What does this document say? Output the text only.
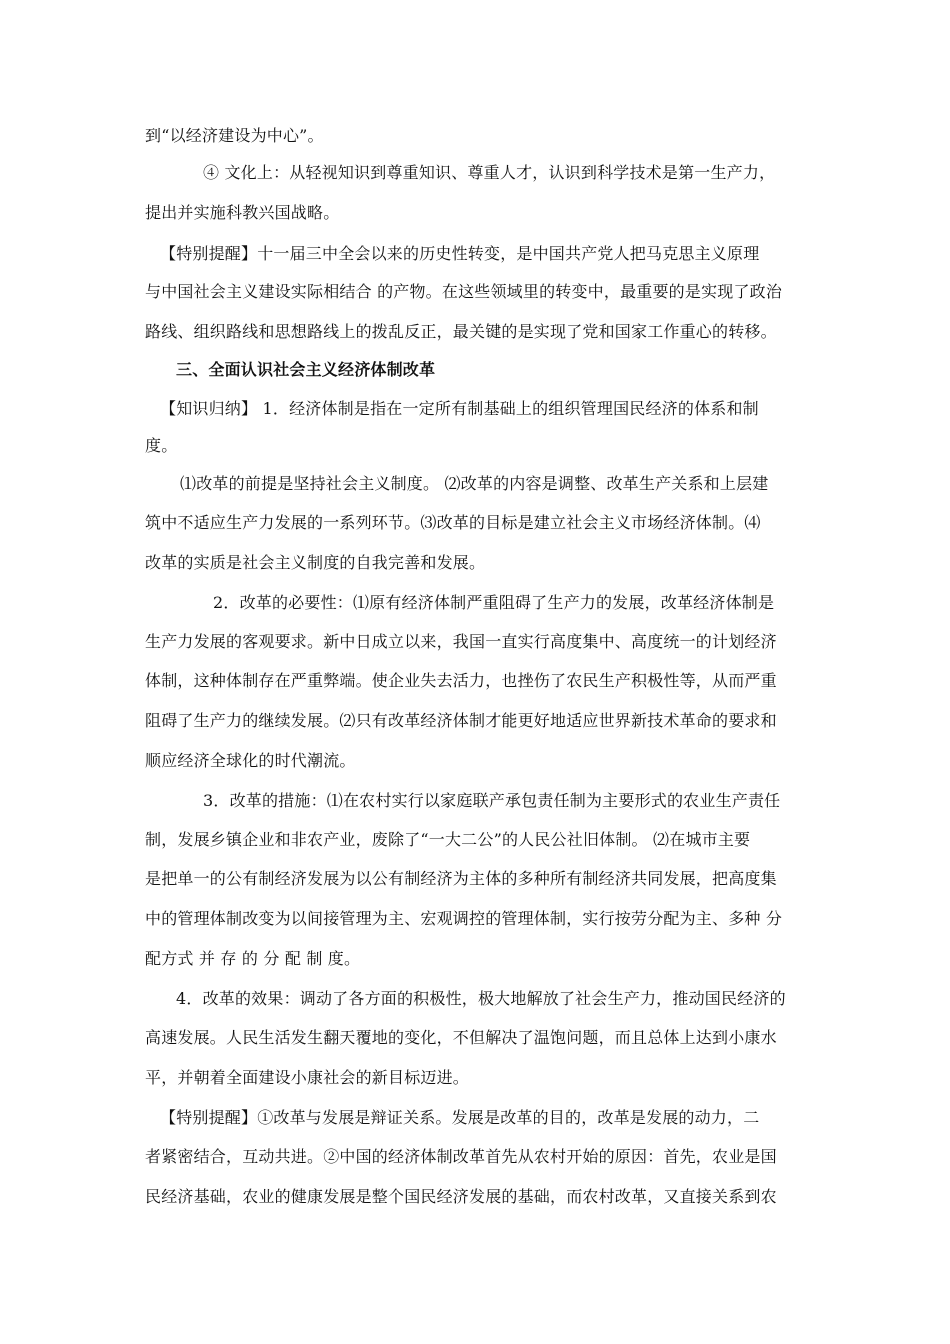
到“以经济建设为中心”。
④ 文化上：从轻视知识到尊重知识、尊重人才，认识到科学技术是第一生产力，
提出并实施科教兴国战略。
【特别提醒】十一届三中全会以来的历史性转变，是中国共产党人把马克思主义原理
与中国社会主义建设实际相结合 的产物。在这些领域里的转变中，最重要的是实现了政治
路线、组织路线和思想路线上的拨乱反正，最关键的是实现了党和国家工作重心的转移。
三、全面认识社会主义经济体制改革
【知识归纳】 1．经济体制是指在一定所有制基础上的组织管理国民经济的体系和制
度。
⑴改革的前提是坚持社会主义制度。 ⑵改革的内容是调整、改革生产关系和上层建
筑中不适应生产力发展的一系列环节。⑶改革的目标是建立社会主义市场经济体制。⑷
改革的实质是社会主义制度的自我完善和发展。
2．改革的必要性：⑴原有经济体制严重阻碍了生产力的发展，改革经济体制是
生产力发展的客观要求。新中日成立以来，我国一直实行高度集中、高度统一的计划经济
体制，这种体制存在严重弊端。使企业失去活力，也挫伤了农民生产积极性等，从而严重
阻碍了生产力的继续发展。⑵只有改革经济体制才能更好地适应世界新技术革命的要求和
顺应经济全球化的时代潮流。
3．改革的措施：⑴在农村实行以家庭联产承包责任制为主要形式的农业生产责任
制，发展乡镇企业和非农产业，废除了“一大二公”的人民公社旧体制。 ⑵在城市主要
是把单一的公有制经济发展为以公有制经济为主体的多种所有制经济共同发展，把高度集
中的管理体制改变为以间接管理为主、宏观调控的管理体制，实行按劳分配为主、多种 分
配方式 并 存 的 分 配 制 度。
4．改革的效果：调动了各方面的积极性，极大地解放了社会生产力，推动国民经济的
高速发展。人民生活发生翻天覆地的变化，不但解决了温饱问题，而且总体上达到小康水
平，并朝着全面建设小康社会的新目标迈进。
【特别提醒】①改革与发展是辩证关系。发展是改革的目的，改革是发展的动力，二
者紧密结合，互动共进。②中国的经济体制改革首先从农村开始的原因：首先，农业是国
民经济基础，农业的健康发展是整个国民经济发展的基础，而农村改革，又直接关系到农
